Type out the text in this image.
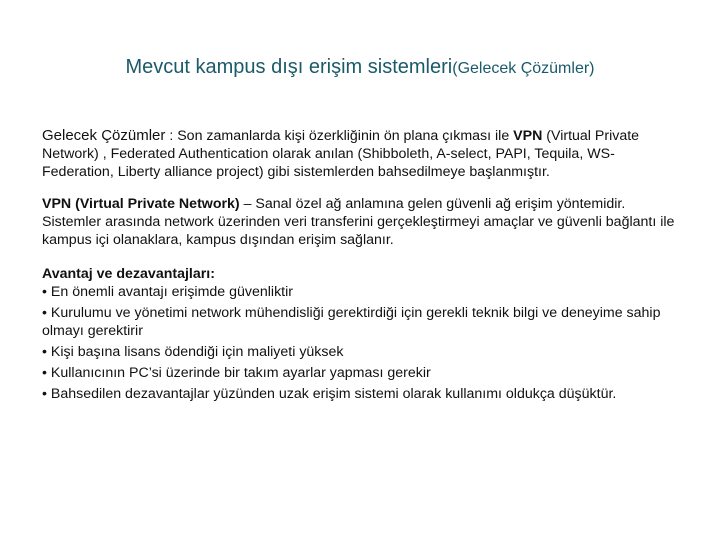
Mevcut kampus dışı erişim sistemleri(Gelecek Çözümler)

Gelecek Çözümler : Son zamanlarda kişi özerkliğinin ön plana çıkması ile VPN (Virtual Private Network) , Federated Authentication olarak anılan (Shibboleth, A-select, PAPI, Tequila, WS-Federation, Liberty alliance project) gibi sistemlerden bahsedilmeye başlanmıştır.

VPN (Virtual Private Network) – Sanal özel ağ anlamına gelen güvenli ağ erişim yöntemidir. Sistemler arasında network üzerinden veri transferini gerçekleştirmeyi amaçlar ve güvenli bağlantı ile kampus içi olanaklara, kampus dışından erişim sağlanır.

Avantaj ve dezavantajları:

• En önemli avantajı erişimde güvenliktir
• Kurulumu ve yönetimi network mühendisliği gerektirdiği için gerekli teknik bilgi ve deneyime sahip olmayı gerektirir
• Kişi başına lisans ödendiği için maliyeti yüksek
• Kullanıcının PC’si üzerinde bir takım ayarlar yapması gerekir
• Bahsedilen dezavantajlar yüzünden uzak erişim sistemi olarak kullanımı oldukça düşüktür.
